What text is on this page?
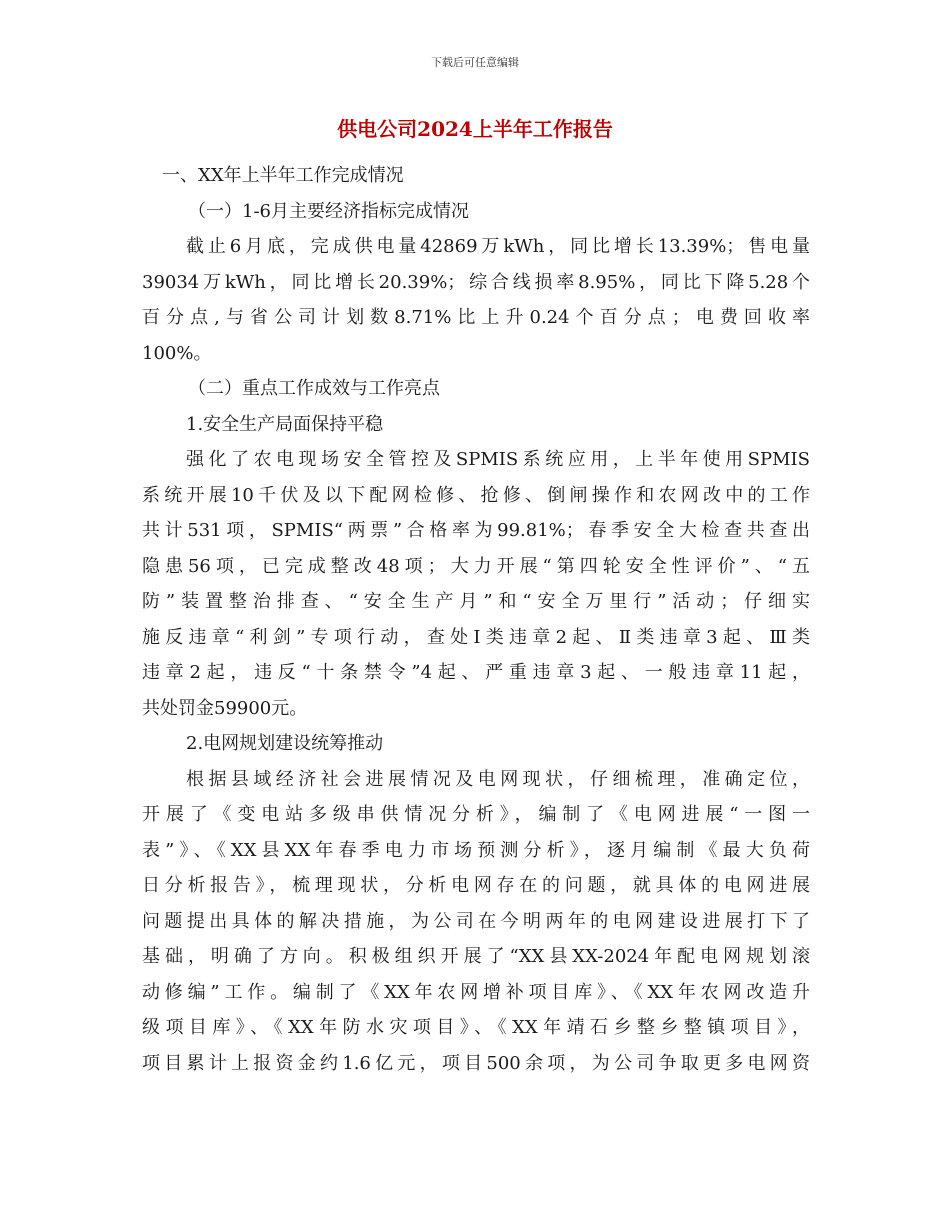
下载后可任意编辑
供电公司2024上半年工作报告
一、XX年上半年工作完成情况
（一）1-6月主要经济指标完成情况
截止6月底，完成供电量42869万kWh，同比增长13.39%；售电量
39034万kWh，同比增长20.39%；综合线损率8.95%，同比下降5.28个
百分点,与省公司计划数8.71%比上升0.24个百分点；电费回收率
100%。
（二）重点工作成效与工作亮点
1.安全生产局面保持平稳
强化了农电现场安全管控及SPMIS系统应用，上半年使用SPMIS
系统开展10千伏及以下配网检修、抢修、倒闸操作和农网改中的工作
共计531项，SPMIS“两票”合格率为99.81%；春季安全大检查共查出
隐患56项，已完成整改48项；大力开展“第四轮安全性评价”、“五
防”装置整治排查、“安全生产月”和“安全万里行”活动；仔细实
施反违章“利剑”专项行动，查处Ⅰ类违章2起、Ⅱ类违章3起、Ⅲ类
违章2起，违反“十条禁令”4起、严重违章3起、一般违章11起，
共处罚金59900元。
2.电网规划建设统筹推动
根据县域经济社会进展情况及电网现状，仔细梳理，准确定位，
开展了《变电站多级串供情况分析》，编制了《电网进展“一图一
表”》、《XX县XX年春季电力市场预测分析》，逐月编制《最大负荷
日分析报告》，梳理现状，分析电网存在的问题，就具体的电网进展
问题提出具体的解决措施，为公司在今明两年的电网建设进展打下了
基础，明确了方向。积极组织开展了“XX县XX-2024年配电网规划滚
动修编”工作。编制了《XX年农网增补项目库》、《XX年农网改造升
级项目库》、《XX年防水灾项目》、《XX年靖石乡整乡整镇项目》，
项目累计上报资金约1.6亿元，项目500余项，为公司争取更多电网资
